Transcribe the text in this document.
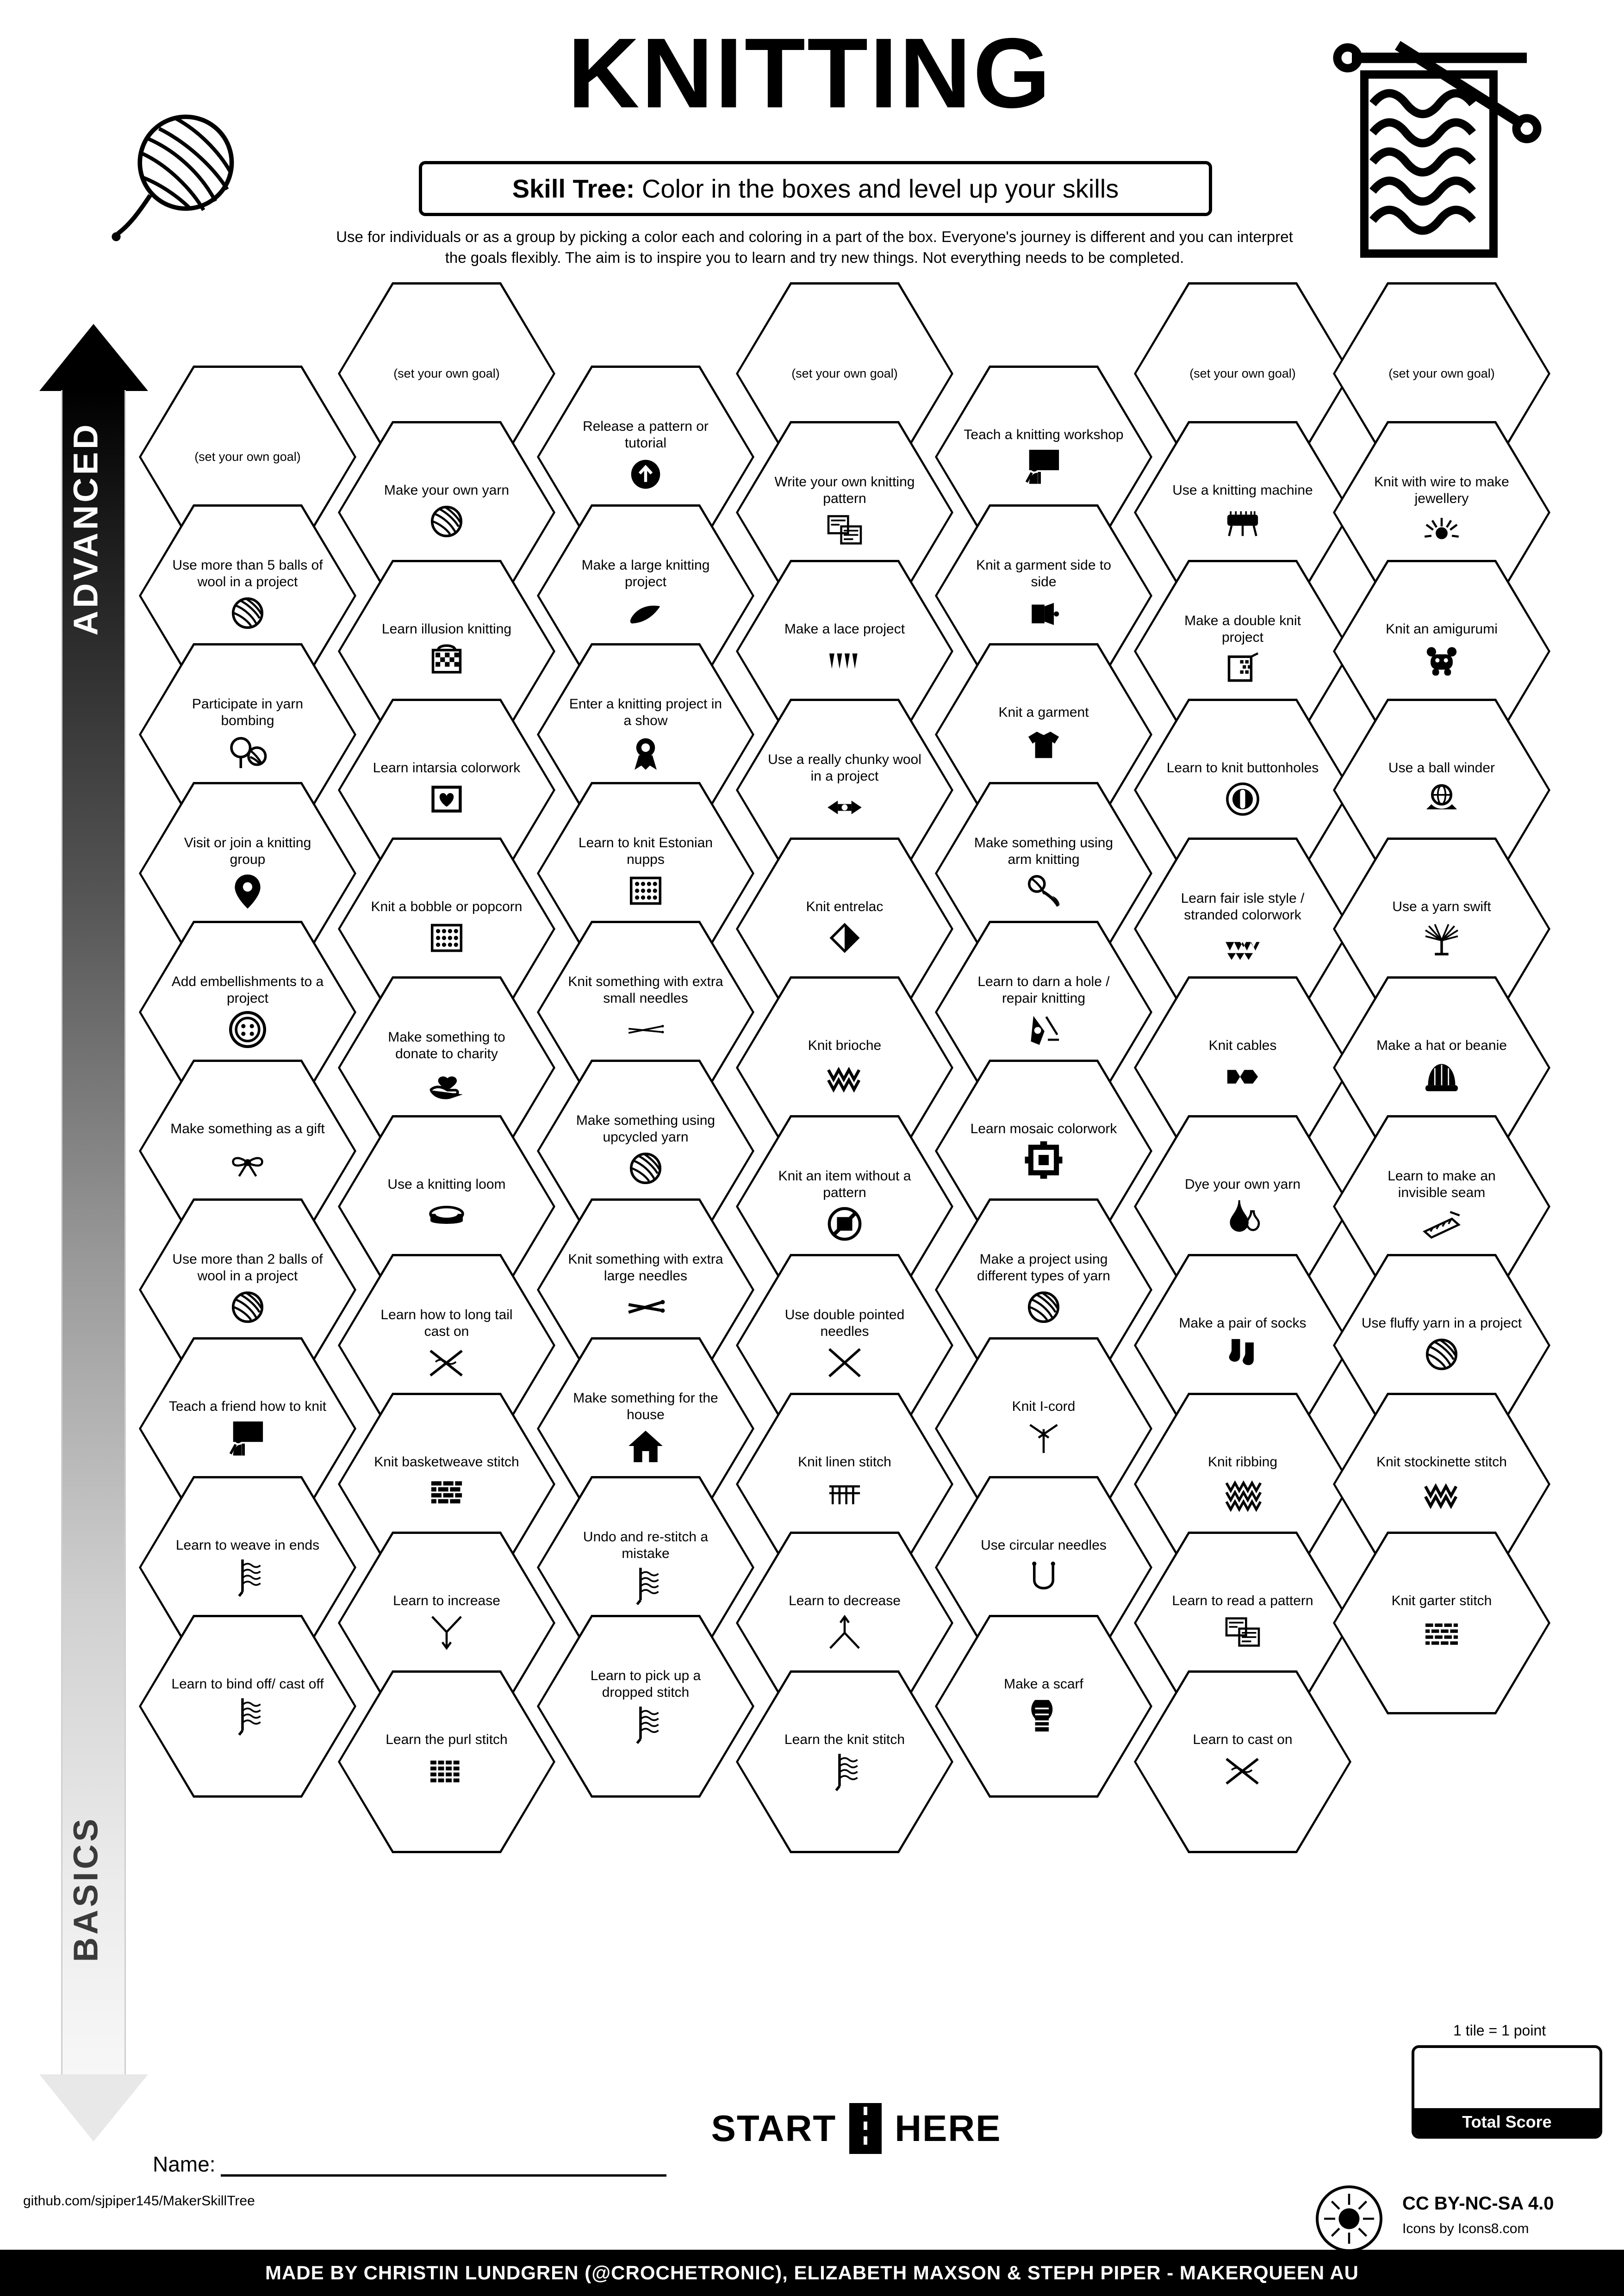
KNITTING
Skill Tree: Color in the boxes and level up your skills
Use for individuals or as a group by picking a color each and coloring in a part of the box. Everyone's journey is different and you can interpret the goals flexibly. The aim is to inspire you to learn and try new things. Not everything needs to be completed.
ADVANCED
BASICS
(set your own goal)
Use more than 5 balls of wool in a project
Participate in yarn bombing
Visit or join a knitting group
Add embellishments to a project
Make something as a gift
Use more than 2 balls of wool in a project
Teach a friend how to knit
Learn to weave in ends
Learn to bind off/ cast off
(set your own goal)
Make your own yarn
Learn illusion knitting
Learn intarsia colorwork
Knit a bobble or popcorn
Make something to donate to charity
Use a knitting loom
Learn how to long tail cast on
Knit basketweave stitch
Learn to increase
Learn the purl stitch
Release a pattern or tutorial
Make a large knitting project
Enter a knitting project in a show
Learn to knit Estonian nupps
Knit something with extra small needles
Make something using upcycled yarn
Knit something with extra large needles
Make something for the house
Undo and re-stitch a mistake
Learn to pick up a dropped stitch
(set your own goal)
Write your own knitting pattern
Make a lace project
Use a really chunky wool in a project
Knit entrelac
Knit brioche
Knit an item without a pattern
Use double pointed needles
Knit linen stitch
Learn to decrease
Learn the knit stitch
Teach a knitting workshop
Knit a garment side to side
Knit a garment
Make something using arm knitting
Learn to darn a hole / repair knitting
Learn mosaic colorwork
Make a project using different types of yarn
Knit I-cord
Use circular needles
Make a scarf
(set your own goal)
Use a knitting machine
Make a double knit project
Learn to knit buttonholes
Learn fair isle style / stranded colorwork
Knit cables
Dye your own yarn
Make a pair of socks
Knit ribbing
Learn to read a pattern
Learn to cast on
(set your own goal)
Knit with wire to make jewellery
Knit an amigurumi
Use a ball winder
Use a yarn swift
Make a hat or beanie
Learn to make an invisible seam
Use fluffy yarn in a project
Knit stockinette stitch
Knit garter stitch
START HERE
Name:
github.com/sjpiper145/MakerSkillTree
1 tile = 1 point
Total Score
CC BY-NC-SA 4.0
Icons by Icons8.com
MADE BY CHRISTIN LUNDGREN (@CROCHETRONIC), ELIZABETH MAXSON & STEPH PIPER - MAKERQUEEN AU
